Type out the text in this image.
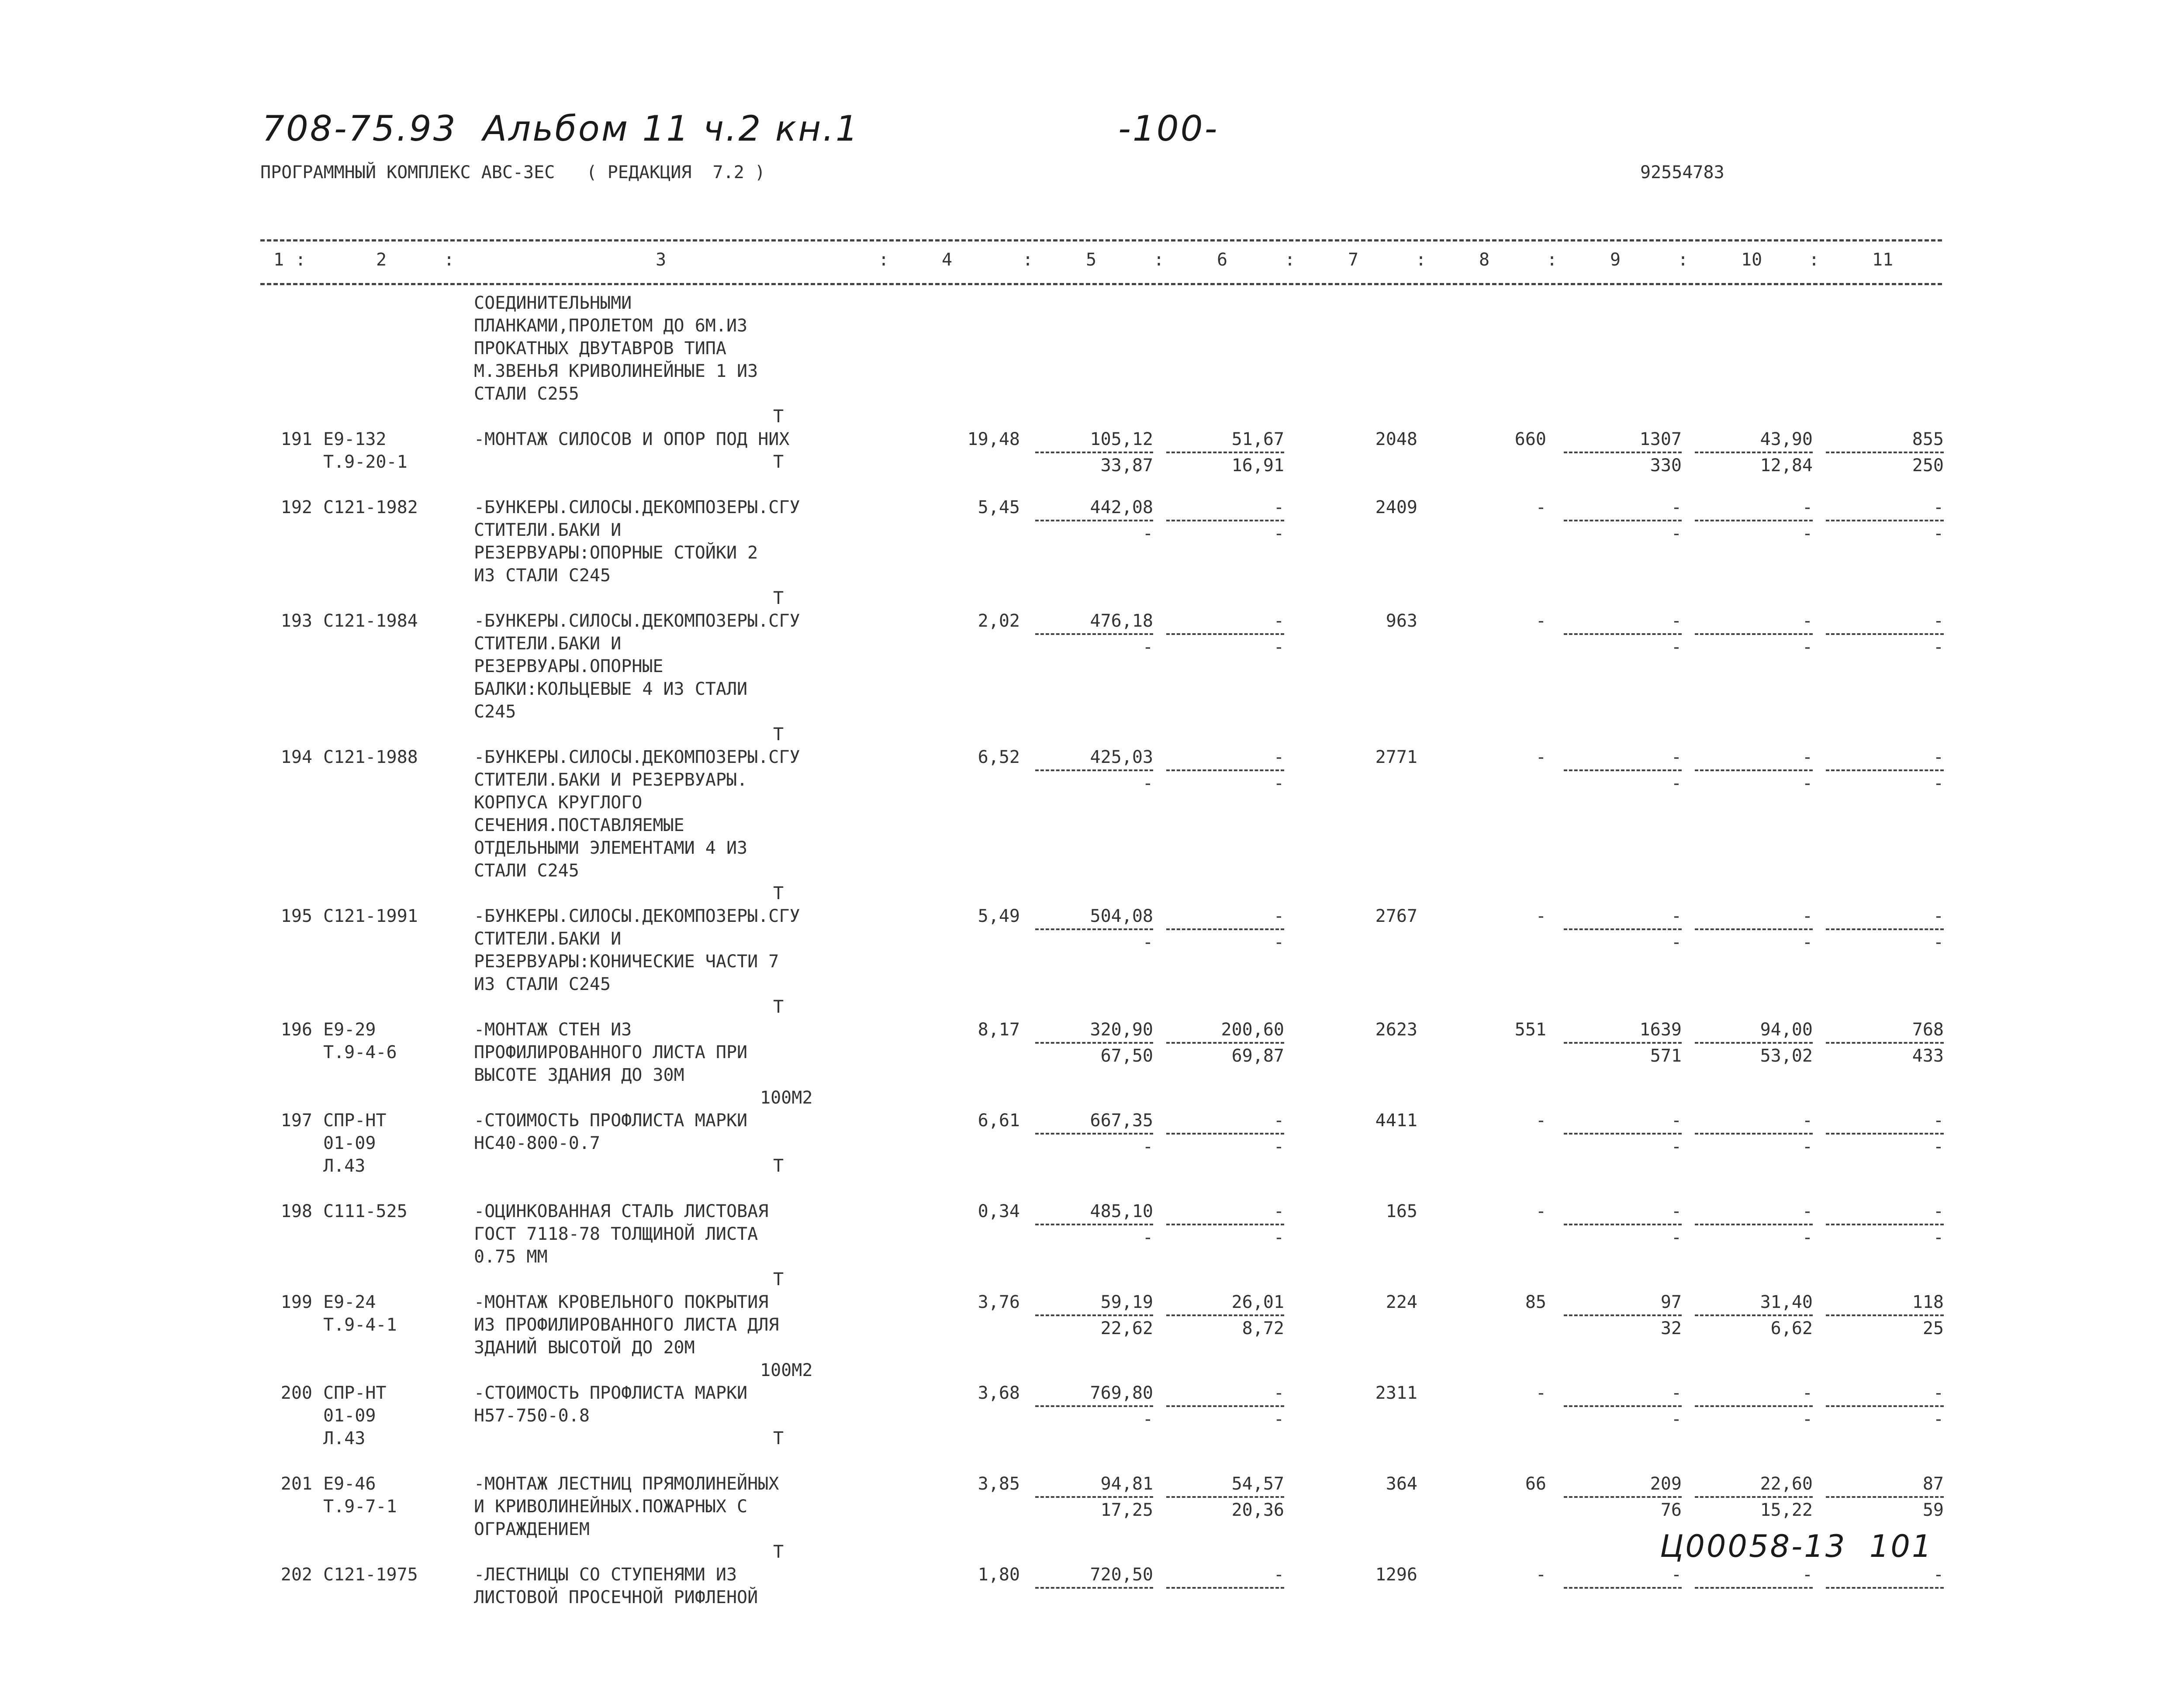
708-75.93 Альбом 11 ч.2 кн.1	-100-
ПРОГРАММНЫЙ КОМПЛЕКС АВС-3ЕС   ( РЕДАКЦИЯ  7.2 )	92554783
1 :	2	:	3	:	4	:	5	:	6	:	7	:	8	:	9	:	10	:	11
СОЕДИНИТЕЛЬНЫМИ
ПЛАНКАМИ,ПРОЛЕТОМ ДО 6М.ИЗ
ПРОКАТНЫХ ДВУТАВРОВ ТИПА
М.ЗВЕНЬЯ КРИВОЛИНЕЙНЫЕ 1 ИЗ
СТАЛИ С255
Т
191 Е9-132
Т.9-20-1
-МОНТАЖ СИЛОСОВ И ОПОР ПОД НИХ	19,48	105,12	51,67	2048	660	1307	43,90	855
33,87	16,91	330	12,84	250
Т
192 С121-1982	-БУНКЕРЫ.СИЛОСЫ.ДЕКОМПОЗЕРЫ.СГУ
СТИТЕЛИ.БАКИ И
РЕЗЕРВУАРЫ:ОПОРНЫЕ СТОЙКИ 2
ИЗ СТАЛИ С245
5,45	442,08	-	2409	-	-	-	-
-	-	-	-	-
Т
193 С121-1984	-БУНКЕРЫ.СИЛОСЫ.ДЕКОМПОЗЕРЫ.СГУ
СТИТЕЛИ.БАКИ И
РЕЗЕРВУАРЫ.ОПОРНЫЕ
БАЛКИ:КОЛЬЦЕВЫЕ 4 ИЗ СТАЛИ
С245
2,02	476,18	-	963	-	-	-	-
-	-	-	-	-
Т
194 С121-1988	-БУНКЕРЫ.СИЛОСЫ.ДЕКОМПОЗЕРЫ.СГУ
СТИТЕЛИ.БАКИ И РЕЗЕРВУАРЫ.
КОРПУСА КРУГЛОГО
СЕЧЕНИЯ.ПОСТАВЛЯЕМЫЕ
ОТДЕЛЬНЫМИ ЭЛЕМЕНТАМИ 4 ИЗ
СТАЛИ С245
6,52	425,03	-	2771	-	-	-	-
-	-	-	-	-
Т
195 С121-1991	-БУНКЕРЫ.СИЛОСЫ.ДЕКОМПОЗЕРЫ.СГУ
СТИТЕЛИ.БАКИ И
РЕЗЕРВУАРЫ:КОНИЧЕСКИЕ ЧАСТИ 7
ИЗ СТАЛИ С245
5,49	504,08	-	2767	-	-	-	-
-	-	-	-	-
Т
196 Е9-29
Т.9-4-6
-МОНТАЖ СТЕН ИЗ
ПРОФИЛИРОВАННОГО ЛИСТА ПРИ
ВЫСОТЕ ЗДАНИЯ ДО 30М
8,17	320,90	200,60	2623	551	1639	94,00	768
67,50	69,87	571	53,02	433
100М2
197 СПР-НТ
01-09
Л.43
-СТОИМОСТЬ ПРОФЛИСТА МАРКИ
НС40-800-0.7
6,61	667,35	-	4411	-	-	-	-
-	-	-	-	-
Т
198 С111-525	-ОЦИНКОВАННАЯ СТАЛЬ ЛИСТОВАЯ
ГОСТ 7118-78 ТОЛЩИНОЙ ЛИСТА
0.75 ММ
0,34	485,10	-	165	-	-	-	-
-	-	-	-	-
Т
199 Е9-24
Т.9-4-1
-МОНТАЖ КРОВЕЛЬНОГО ПОКРЫТИЯ
ИЗ ПРОФИЛИРОВАННОГО ЛИСТА ДЛЯ
ЗДАНИЙ ВЫСОТОЙ ДО 20М
3,76	59,19	26,01	224	85	97	31,40	118
22,62	8,72	32	6,62	25
100М2
200 СПР-НТ
01-09
Л.43
-СТОИМОСТЬ ПРОФЛИСТА МАРКИ
Н57-750-0.8
3,68	769,80	-	2311	-	-	-	-
-	-	-	-	-
Т
201 Е9-46
Т.9-7-1
-МОНТАЖ ЛЕСТНИЦ ПРЯМОЛИНЕЙНЫХ
И КРИВОЛИНЕЙНЫХ.ПОЖАРНЫХ С
ОГРАЖДЕНИЕМ
3,85	94,81	54,57	364	66	209	22,60	87
17,25	20,36	76	15,22	59
Т
202 С121-1975	-ЛЕСТНИЦЫ СО СТУПЕНЯМИ ИЗ
ЛИСТОВОЙ ПРОСЕЧНОЙ РИФЛЕНОЙ
1,80	720,50	-	1296	-	-	-	-
Ц00058-13 101
